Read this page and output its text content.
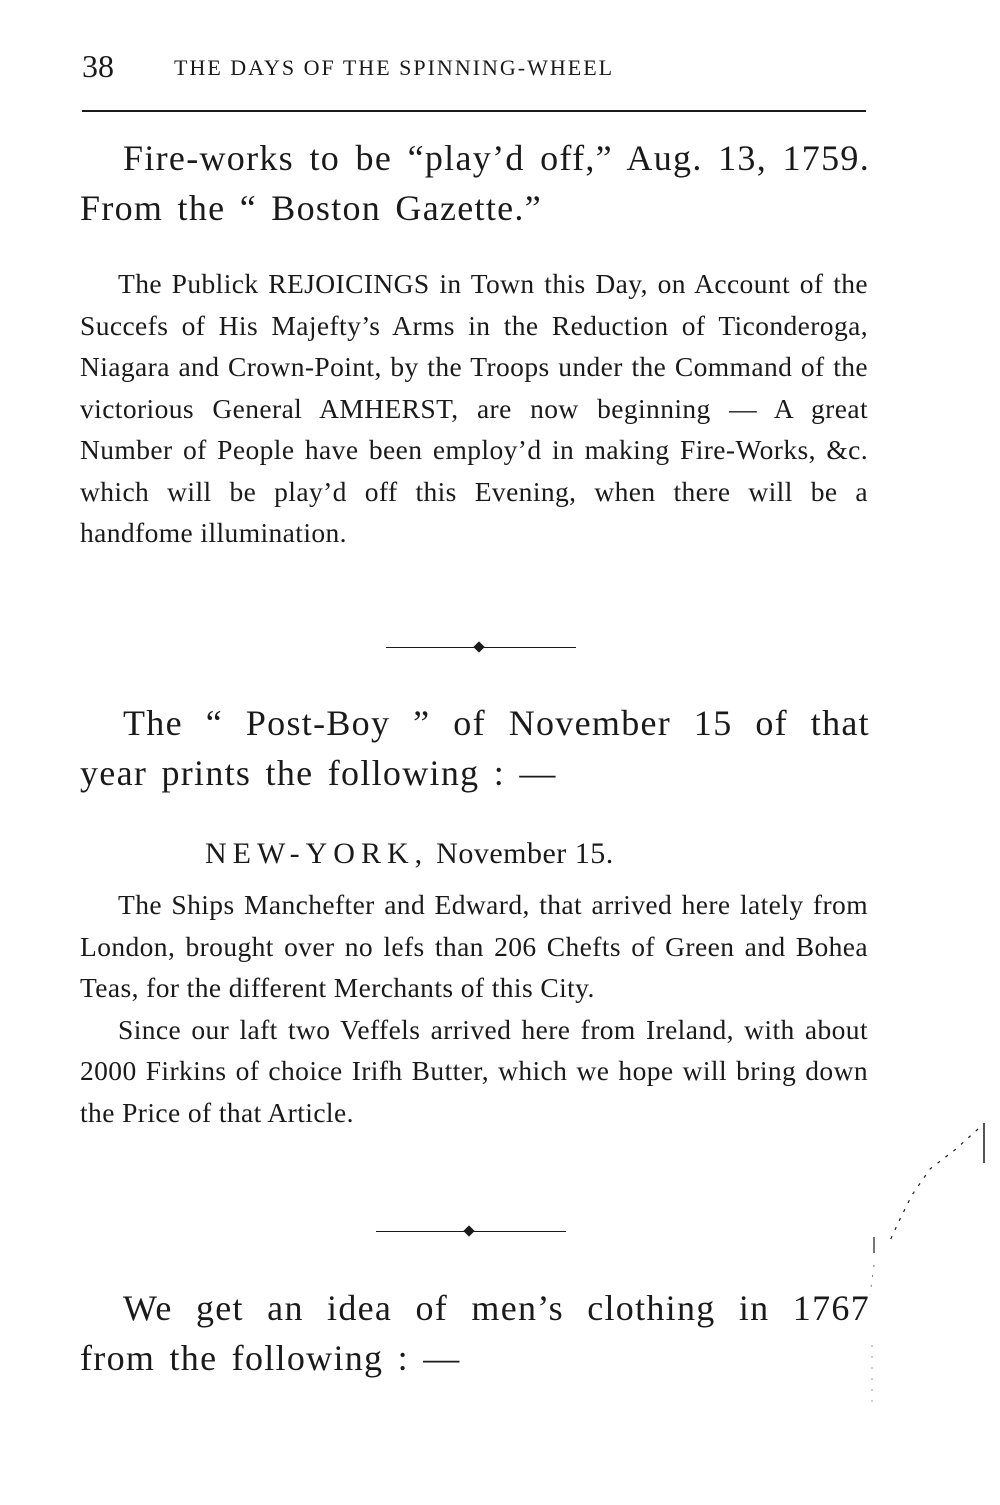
38	THE DAYS OF THE SPINNING-WHEEL

Fire-works to be “play’d off,” Aug. 13, 1759. From the “ Boston Gazette.”

The Publick REJOICINGS in Town this Day, on Account of the Succefs of His Majefty’s Arms in the Reduction of Ticonderoga, Niagara and Crown-Point, by the Troops under the Command of the victorious General AMHERST, are now beginning — A great Number of People have been employ’d in making Fire-Works, &c. which will be play’d off this Evening, when there will be a handfome illumination.

The “ Post-Boy ” of November 15 of that year prints the following : —

NEW-YORK, November 15.

The Ships Manchefter and Edward, that arrived here lately from London, brought over no lefs than 206 Chefts of Green and Bohea Teas, for the different Merchants of this City.

Since our laft two Veffels arrived here from Ireland, with about 2000 Firkins of choice Irifh Butter, which we hope will bring down the Price of that Article.

We get an idea of men’s clothing in 1767 from the following : —
